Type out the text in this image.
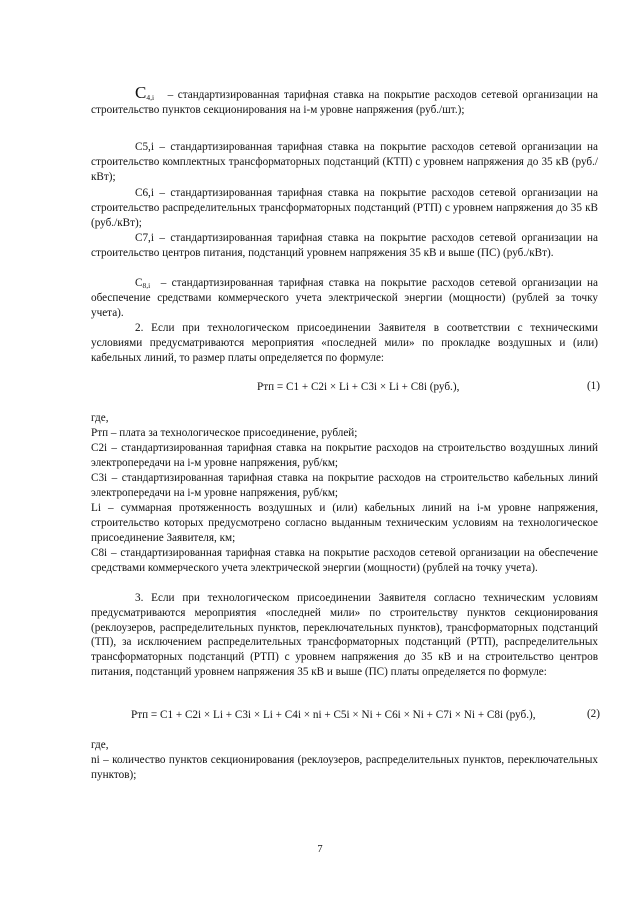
$С_{4,i}$ – стандартизированная тарифная ставка на покрытие расходов сетевой организации на строительство пунктов секционирования на i-м уровне напряжения (руб./шт.);

С5,i – стандартизированная тарифная ставка на покрытие расходов сетевой организации на строительство комплектных трансформаторных подстанций (КТП) с уровнем напряжения до 35 кВ (руб./кВт);

С6,i – стандартизированная тарифная ставка на покрытие расходов сетевой организации на строительство распределительных трансформаторных подстанций (РТП) с уровнем напряжения до 35 кВ (руб./кВт);

С7,i – стандартизированная тарифная ставка на покрытие расходов сетевой организации на строительство центров питания, подстанций уровнем напряжения 35 кВ и выше (ПС) (руб./кВт).

$С_{8,i}$ – стандартизированная тарифная ставка на покрытие расходов сетевой организации на обеспечение средствами коммерческого учета электрической энергии (мощности) (рублей за точку учета).

2. Если при технологическом присоединении Заявителя в соответствии с техническими условиями предусматриваются мероприятия «последней мили» по прокладке воздушных и (или) кабельных линий, то размер платы определяется по формуле:

Pтп = С1 + С2i × Li + С3i × Li + С8i (руб.),	(1)

где,

Ртп – плата за технологическое присоединение, рублей;

С2i – стандартизированная тарифная ставка на покрытие расходов на строительство воздушных линий электропередачи на i-м уровне напряжения, руб/км;

С3i – стандартизированная тарифная ставка на покрытие расходов на строительство кабельных линий электропередачи на i-м уровне напряжения, руб/км;

Li – суммарная протяженность воздушных и (или) кабельных линий на i-м уровне напряжения, строительство которых предусмотрено согласно выданным техническим условиям на технологическое присоединение Заявителя, км;

С8i – стандартизированная тарифная ставка на покрытие расходов сетевой организации на обеспечение средствами коммерческого учета электрической энергии (мощности) (рублей на точку учета).

3. Если при технологическом присоединении Заявителя согласно техническим условиям предусматриваются мероприятия «последней мили» по строительству пунктов секционирования (реклоузеров, распределительных пунктов, переключательных пунктов), трансформаторных подстанций (ТП), за исключением распределительных трансформаторных подстанций (РТП), распределительных трансформаторных подстанций (РТП) с уровнем напряжения до 35 кВ и на строительство центров питания, подстанций уровнем напряжения 35 кВ и выше (ПС) платы определяется по формуле:

Pтп = С1 + С2i × Li + С3i × Li + С4i × ni + С5i × Ni + С6i × Ni + С7i × Ni + С8i (руб.),	(2)

где,

ni – количество пунктов секционирования (реклоузеров, распределительных пунктов, переключательных пунктов);

7
